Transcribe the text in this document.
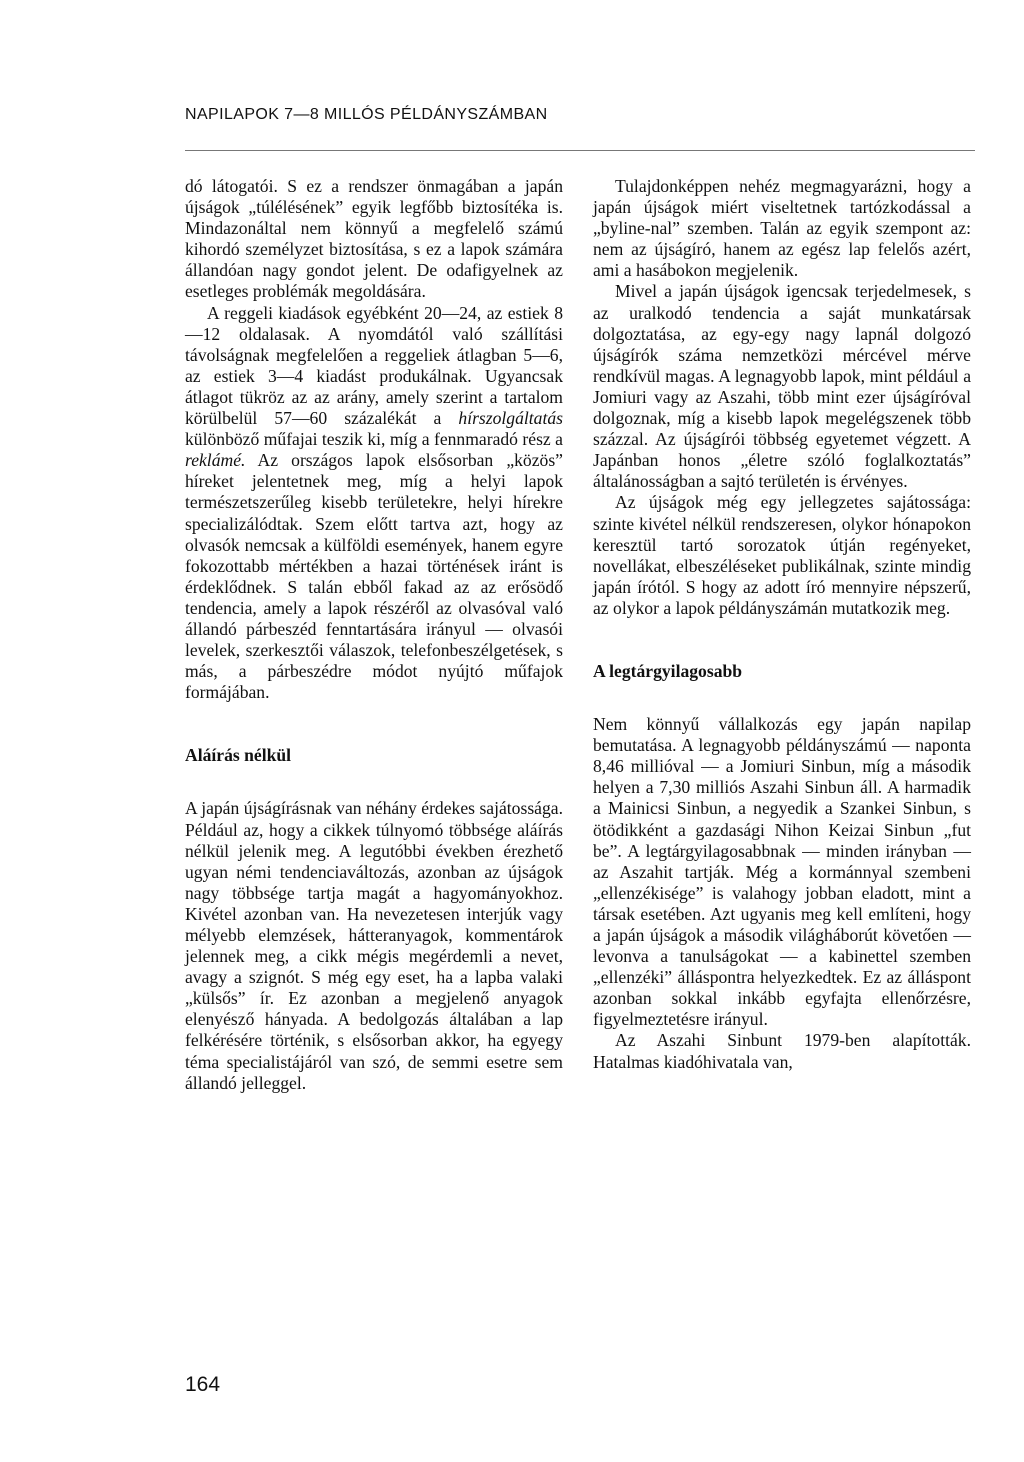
NAPILAPOK 7—8 MILLÓS PÉLDÁNYSZÁMBAN

dó látogatói. S ez a rendszer önmagában a japán újságok „túlélésének” egyik legfőbb biztosítéka is. Mindazonáltal nem könnyű a megfelelő számú kihordó személyzet biztosítása, s ez a lapok számára állandóan nagy gondot jelent. De odafigyelnek az esetleges problémák megoldására.

A reggeli kiadások egyébként 20—24, az estiek 8—12 oldalasak. A nyomdától való szállítási távolságnak megfelelően a reggeliek átlagban 5—6, az estiek 3—4 kiadást produkálnak. Ugyancsak átlagot tükröz az az arány, amely szerint a tartalom körülbelül 57—60 százalékát a hírszolgáltatás különböző műfajai teszik ki, míg a fennmaradó rész a reklámé. Az országos lapok elsősorban „közös” híreket jelentetnek meg, míg a helyi lapok természetszerűleg kisebb területekre, helyi hírekre specializálódtak. Szem előtt tartva azt, hogy az olvasók nemcsak a külföldi események, hanem egyre fokozottabb mértékben a hazai történések iránt is érdeklődnek. S talán ebből fakad az az erősödő tendencia, amely a lapok részéről az olvasóval való állandó párbeszéd fenntartására irányul — olvasói levelek, szerkesztői válaszok, telefonbeszélgetések, s más, a párbeszédre módot nyújtó műfajok formájában.

Aláírás nélkül

A japán újságírásnak van néhány érdekes sajátossága. Például az, hogy a cikkek túlnyomó többsége aláírás nélkül jelenik meg. A legutóbbi években érezhető ugyan némi tendenciaváltozás, azonban az újságok nagy többsége tartja magát a hagyományokhoz. Kivétel azonban van. Ha nevezetesen interjúk vagy mélyebb elemzések, hátteranyagok, kommentárok jelennek meg, a cikk mégis megérdemli a nevet, avagy a szignót. S még egy eset, ha a lapba valaki „külsős” ír. Ez azonban a megjelenő anyagok elenyésző hányada. A bedolgozás általában a lap felkérésére történik, s elsősorban akkor, ha egyegy téma specialistájáról van szó, de semmi esetre sem állandó jelleggel.

Tulajdonképpen nehéz megmagyarázni, hogy a japán újságok miért viseltetnek tartózkodással a „byline-nal” szemben. Talán az egyik szempont az: nem az újságíró, hanem az egész lap felelős azért, ami a hasábokon megjelenik.

Mivel a japán újságok igencsak terjedelmesek, s az uralkodó tendencia a saját munkatársak dolgoztatása, az egy-egy nagy lapnál dolgozó újságírók száma nemzetközi mércével mérve rendkívül magas. A legnagyobb lapok, mint például a Jomiuri vagy az Aszahi, több mint ezer újságíróval dolgoznak, míg a kisebb lapok megelégszenek több százzal. Az újságírói többség egyetemet végzett. A Japánban honos „életre szóló foglalkoztatás” általánosságban a sajtó területén is érvényes.

Az újságok még egy jellegzetes sajátossága: szinte kivétel nélkül rendszeresen, olykor hónapokon keresztül tartó sorozatok útján regényeket, novellákat, elbeszéléseket publikálnak, szinte mindig japán írótól. S hogy az adott író mennyire népszerű, az olykor a lapok példányszámán mutatkozik meg.

A legtárgyilagosabb

Nem könnyű vállalkozás egy japán napilap bemutatása. A legnagyobb példányszámú — naponta 8,46 millióval — a Jomiuri Sinbun, míg a második helyen a 7,30 milliós Aszahi Sinbun áll. A harmadik a Mainicsi Sinbun, a negyedik a Szankei Sinbun, s ötödikként a gazdasági Nihon Keizai Sinbun „fut be”. A legtárgyilagosabbnak — minden irányban — az Aszahit tartják. Még a kormánnyal szembeni „ellenzékisége” is valahogy jobban eladott, mint a társak esetében. Azt ugyanis meg kell említeni, hogy a japán újságok a második világháborút követően — levonva a tanulságokat — a kabinettel szemben „ellenzéki” álláspontra helyezkedtek. Ez az álláspont azonban sokkal inkább egyfajta ellenőrzésre, figyelmeztetésre irányul.

Az Aszahi Sinbunt 1979-ben alapították. Hatalmas kiadóhivatala van,

164
